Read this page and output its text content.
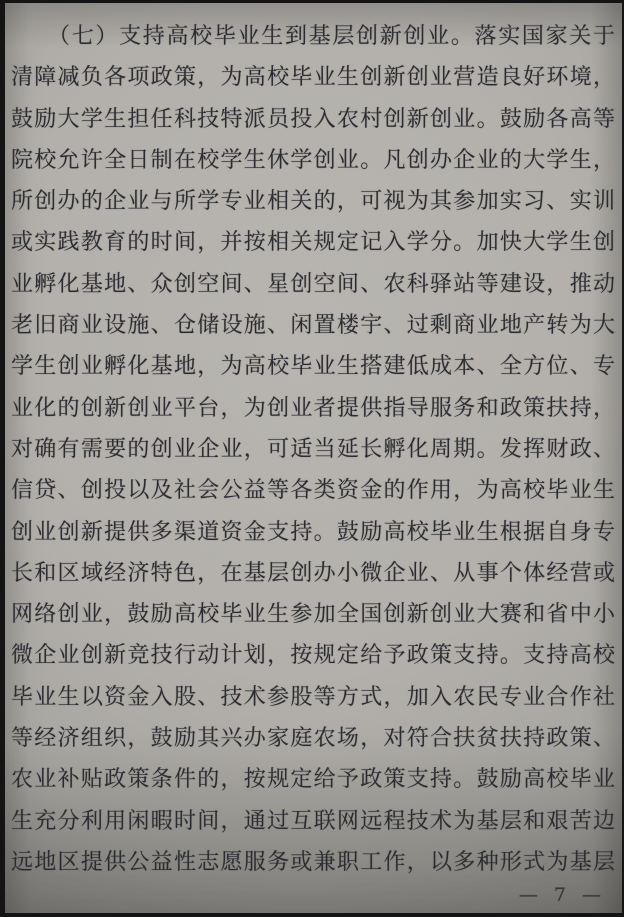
（七）支持高校毕业生到基层创新创业。落实国家关于
清障减负各项政策，为高校毕业生创新创业营造良好环境，
鼓励大学生担任科技特派员投入农村创新创业。鼓励各高等
院校允许全日制在校学生休学创业。凡创办企业的大学生，
所创办的企业与所学专业相关的，可视为其参加实习、实训
或实践教育的时间，并按相关规定记入学分。加快大学生创
业孵化基地、众创空间、星创空间、农科驿站等建设，推动
老旧商业设施、仓储设施、闲置楼宇、过剩商业地产转为大
学生创业孵化基地，为高校毕业生搭建低成本、全方位、专
业化的创新创业平台，为创业者提供指导服务和政策扶持，
对确有需要的创业企业，可适当延长孵化周期。发挥财政、
信贷、创投以及社会公益等各类资金的作用，为高校毕业生
创业创新提供多渠道资金支持。鼓励高校毕业生根据自身专
长和区域经济特色，在基层创办小微企业、从事个体经营或
网络创业，鼓励高校毕业生参加全国创新创业大赛和省中小
微企业创新竞技行动计划，按规定给予政策支持。支持高校
毕业生以资金入股、技术参股等方式，加入农民专业合作社
等经济组织，鼓励其兴办家庭农场，对符合扶贫扶持政策、
农业补贴政策条件的，按规定给予政策支持。鼓励高校毕业
生充分利用闲暇时间，通过互联网远程技术为基层和艰苦边
远地区提供公益性志愿服务或兼职工作，以多种形式为基层
— 7 —
